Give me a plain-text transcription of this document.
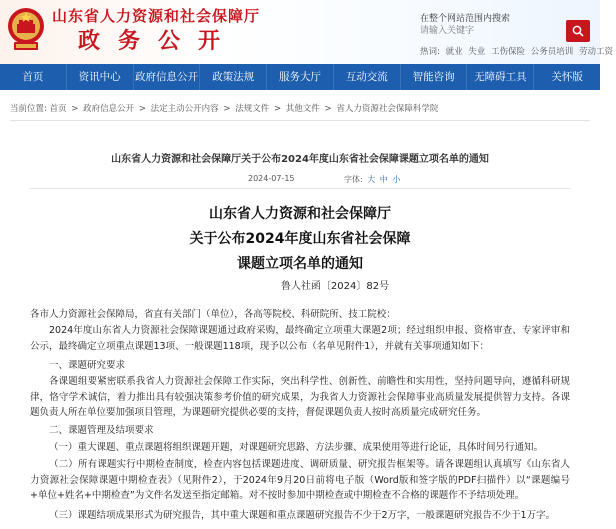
山东省人力资源和社会保障厅
政务公开
在整个网站范围内搜索
请输入关键字
热词: 就业 失业 工伤保险 公务员培训 劳动工资
首页	资讯中心	政府信息公开	政策法规	服务大厅	互动交流	智能咨询	无障碍工具	关怀版
当前位置: 首页 > 政府信息公开 > 法定主动公开内容 > 法规文件 > 其他文件 > 省人力资源社会保障科学院
山东省人力资源和社会保障厅关于公布2024年度山东省社会保障课题立项名单的通知
2024-07-15	字体: 大 中 小
山东省人力资源和社会保障厅
关于公布2024年度山东省社会保障
课题立项名单的通知
鲁人社函〔2024〕82号
各市人力资源社会保障局，省直有关部门（单位），各高等院校、科研院所、技工院校：
2024年度山东省人力资源社会保障课题通过政府采购，最终确定立项重大课题2项；经过组织申报、资格审查、专家评审和公示，最终确定立项重点课题13项、一般课题118项，现予以公布（名单见附件1），并就有关事项通知如下：
一、课题研究要求
各课题组要紧密联系我省人力资源社会保障工作实际，突出科学性、创新性、前瞻性和实用性，坚持问题导向，遵循科研规律，恪守学术诚信，着力推出具有较强决策参考价值的研究成果，为我省人力资源社会保障事业高质量发展提供智力支持。各课题负责人所在单位要加强项目管理，为课题研究提供必要的支持，督促课题负责人按时高质量完成研究任务。
二、课题管理及结项要求
（一）重大课题、重点课题将组织课题开题，对课题研究思路、方法步骤、成果使用等进行论证，具体时间另行通知。
（二）所有课题实行中期检查制度，检查内容包括课题进度、调研质量、研究报告框架等。请各课题组认真填写《山东省人力资源社会保障课题中期检查表》（见附件2），于2024年9月20日前将电子版（Word版和签字版的PDF扫描件）以“课题编号+单位+姓名+中期检查”为文件名发送至指定邮箱。对不按时参加中期检查或中期检查不合格的课题作不予结项处理。
（三）课题结项成果形式为研究报告，其中重大课题和重点课题研究报告不少于2万字，一般课题研究报告不少于1万字。
